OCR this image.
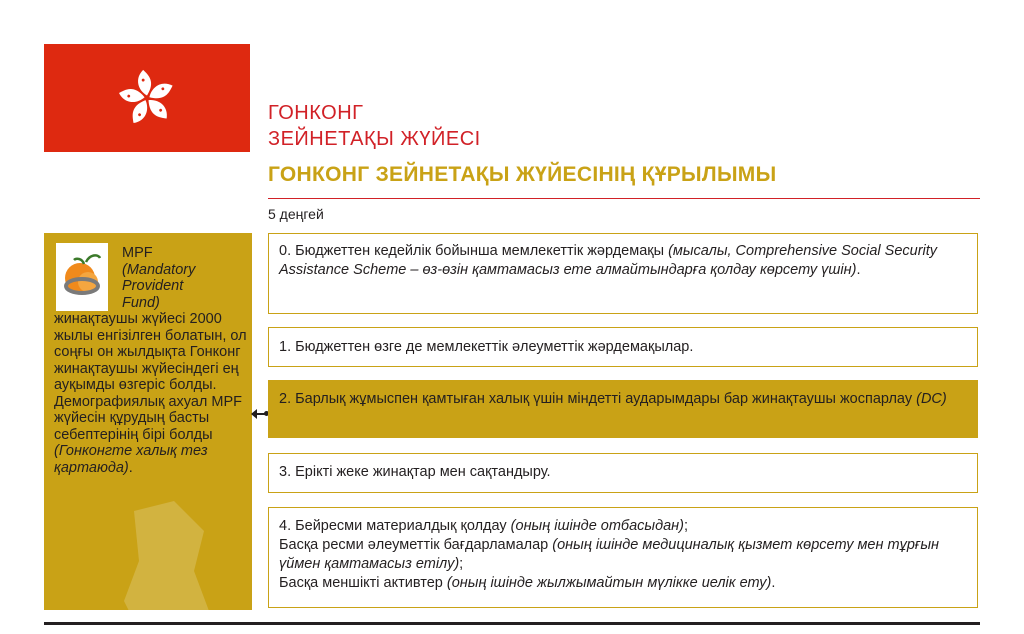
ГОНКОНГ
ЗЕЙНЕТАҚЫ ЖҮЙЕСІ
ГОНКОНГ ЗЕЙНЕТАҚЫ ЖҮЙЕСІНІҢ ҚҰРЫЛЫМЫ
5 деңгей
MPF
(Mandatory
Provident
Fund)
жинақтаушы жүйесі 2000 жылы енгізілген болатын, ол соңғы он жылдықта Гонконг жинақтаушы жүйесіндегі ең ауқымды өзгеріс болды. Демографиялық ахуал MPF жүйесін құрудың басты себептерінің бірі болды (Гонконгте халық тез қартаюда).
0. Бюджеттен кедейлік бойынша мемлекеттік жәрдемақы (мысалы, Comprehensive Social Security Assistance Scheme – өз-өзін қамтамасыз ете алмайтындарға қолдау көрсету үшін).
1. Бюджеттен өзге де мемлекеттік әлеуметтік жәрдемақылар.
2. Барлық жұмыспен қамтыған халық үшін міндетті аударымдары бар жинақтаушы жоспарлау (DC)
3. Ерікті жеке жинақтар мен сақтандыру.
4. Бейресми материалдық қолдау (оның ішінде отбасыдан);
Басқа ресми әлеуметтік бағдарламалар (оның ішінде медициналық қызмет көрсету мен тұрғын үймен қамтамасыз етілу);
Басқа меншікті активтер (оның ішінде жылжымайтын мүлікке иелік ету).
